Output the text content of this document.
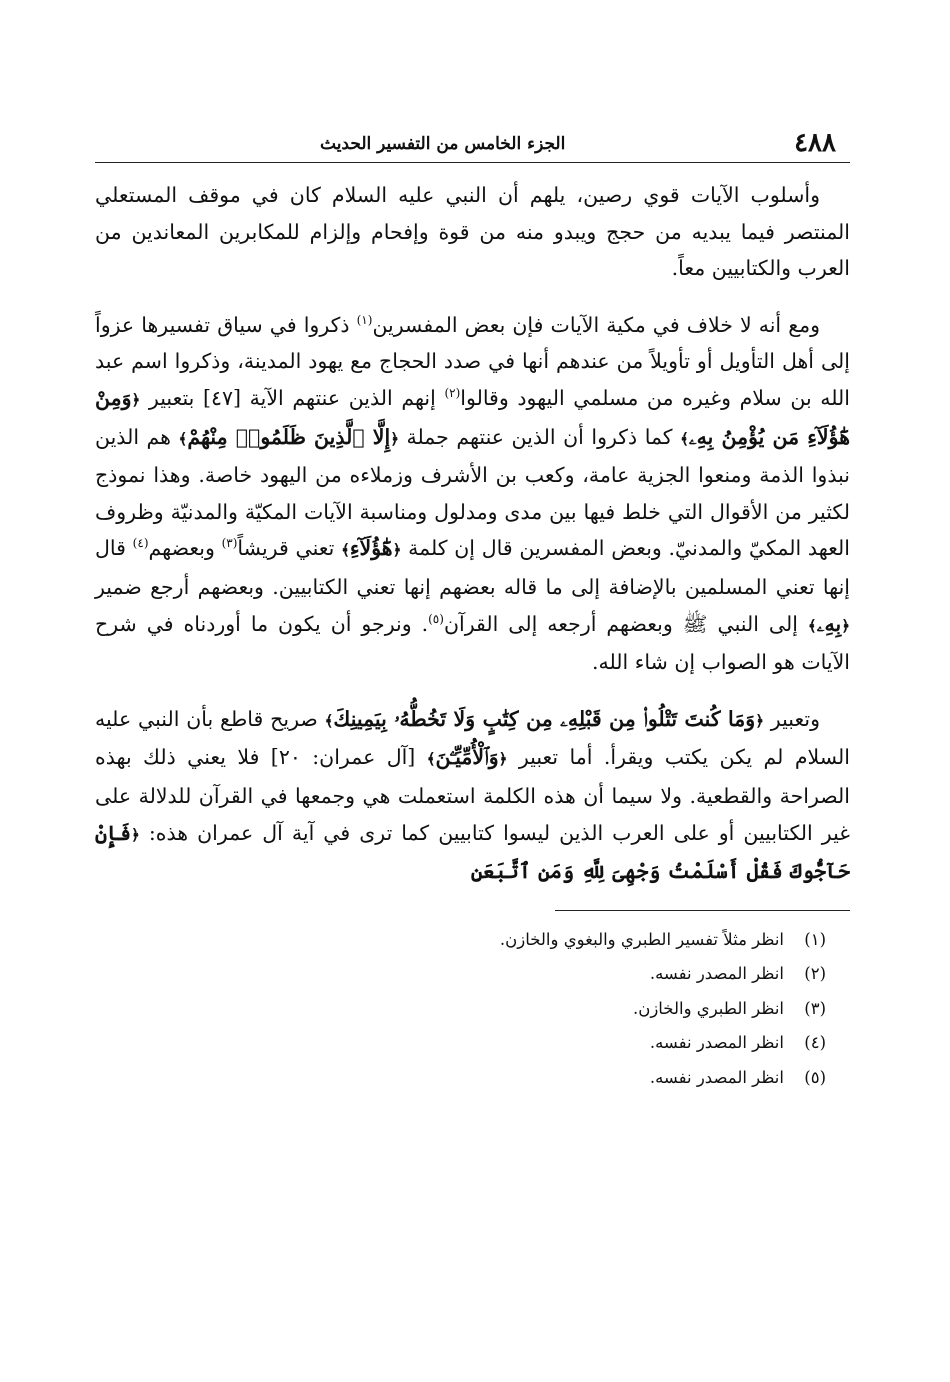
٤٨٨
الجزء الخامس من التفسير الحديث

وأسلوب الآيات قوي رصين، يلهم أن النبي عليه السلام كان في موقف المستعلي المنتصر فيما يبديه من حجج ويبدو منه من قوة وإفحام وإلزام للمكابرين المعاندين من العرب والكتابيين معاً.

ومع أنه لا خلاف في مكية الآيات فإن بعض المفسرين$^{(١)}$ ذكروا في سياق تفسيرها عزواً إلى أهل التأويل أو تأويلاً من عندهم أنها في صدد الحجاج مع يهود المدينة، وذكروا اسم عبد الله بن سلام وغيره من مسلمي اليهود وقالوا$^{(٢)}$ إنهم الذين عنتهم الآية [٤٧] بتعبير ﴿وَمِنْ هَٰٓؤُلَآءِ مَن يُؤْمِنُ بِهِۦ﴾ كما ذكروا أن الذين عنتهم جملة ﴿إِلَّا ٱلَّذِينَ ظَلَمُوا۟ مِنْهُمْ﴾ هم الذين نبذوا الذمة ومنعوا الجزية عامة، وكعب بن الأشرف وزملاءه من اليهود خاصة. وهذا نموذج لكثير من الأقوال التي خلط فيها بين مدى ومدلول ومناسبة الآيات المكيّة والمدنيّة وظروف العهد المكيّ والمدنيّ. وبعض المفسرين قال إن كلمة ﴿هَٰٓؤُلَآءِ﴾ تعني قريشاً$^{(٣)}$ وبعضهم$^{(٤)}$ قال إنها تعني المسلمين بالإضافة إلى ما قاله بعضهم إنها تعني الكتابيين. وبعضهم أرجع ضمير ﴿بِهِۦ﴾ إلى النبي ﷺ وبعضهم أرجعه إلى القرآن$^{(٥)}$. ونرجو أن يكون ما أوردناه في شرح الآيات هو الصواب إن شاء الله.

وتعبير ﴿وَمَا كُنتَ تَتْلُوا۟ مِن قَبْلِهِۦ مِن كِتَٰبٍ وَلَا تَخُطُّهُۥ بِيَمِينِكَ﴾ صريح قاطع بأن النبي عليه السلام لم يكن يكتب ويقرأ. أما تعبير ﴿وَٱلْأُمِّيِّـۧنَ﴾ [آل عمران: ٢٠] فلا يعني ذلك بهذه الصراحة والقطعية. ولا سيما أن هذه الكلمة استعملت هي وجمعها في القرآن للدلالة على غير الكتابيين أو على العرب الذين ليسوا كتابيين كما ترى في آية آل عمران هذه: ﴿فَإِنْ حَآجُّوكَ فَقُلْ أَسْلَمْتُ وَجْهِىَ لِلَّهِ وَمَنِ ٱتَّبَعَنِ

(١)انظر مثلاً تفسير الطبري والبغوي والخازن.
(٢)انظر المصدر نفسه.
(٣)انظر الطبري والخازن.
(٤)انظر المصدر نفسه.
(٥)انظر المصدر نفسه.
